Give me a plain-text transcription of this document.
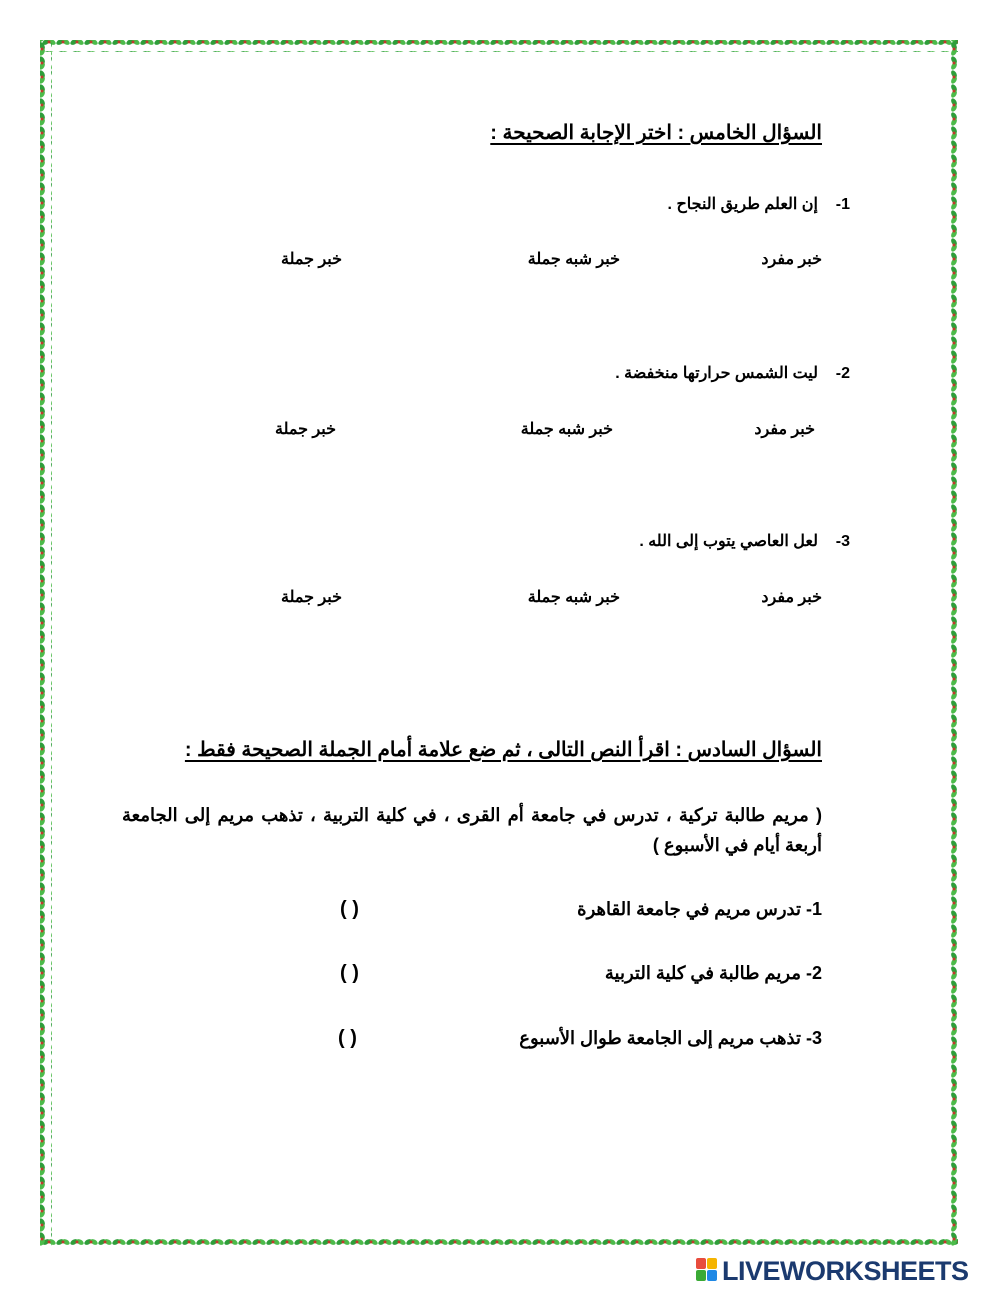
السؤال الخامس : اختر الإجابة الصحيحة :
1-
إن العلم طريق النجاح .
خبر مفرد
خبر شبه جملة
خبر جملة
2-
ليت الشمس حرارتها منخفضة .
خبر مفرد
خبر شبه جملة
خبر جملة
3-
لعل العاصي يتوب إلى الله .
خبر مفرد
خبر شبه جملة
خبر جملة
السؤال السادس : اقرأ النص التالى ، ثم ضع علامة أمام الجملة الصحيحة فقط :
( مريم طالبة تركية ، تدرس في جامعة أم القرى ، في كلية التربية ، تذهب مريم إلى الجامعة أربعة أيام في الأسبوع )
1- تدرس مريم في جامعة القاهرة
( )
2- مريم طالبة في كلية التربية
( )
3- تذهب مريم إلى الجامعة طوال الأسبوع
( )
LIVEWORKSHEETS
